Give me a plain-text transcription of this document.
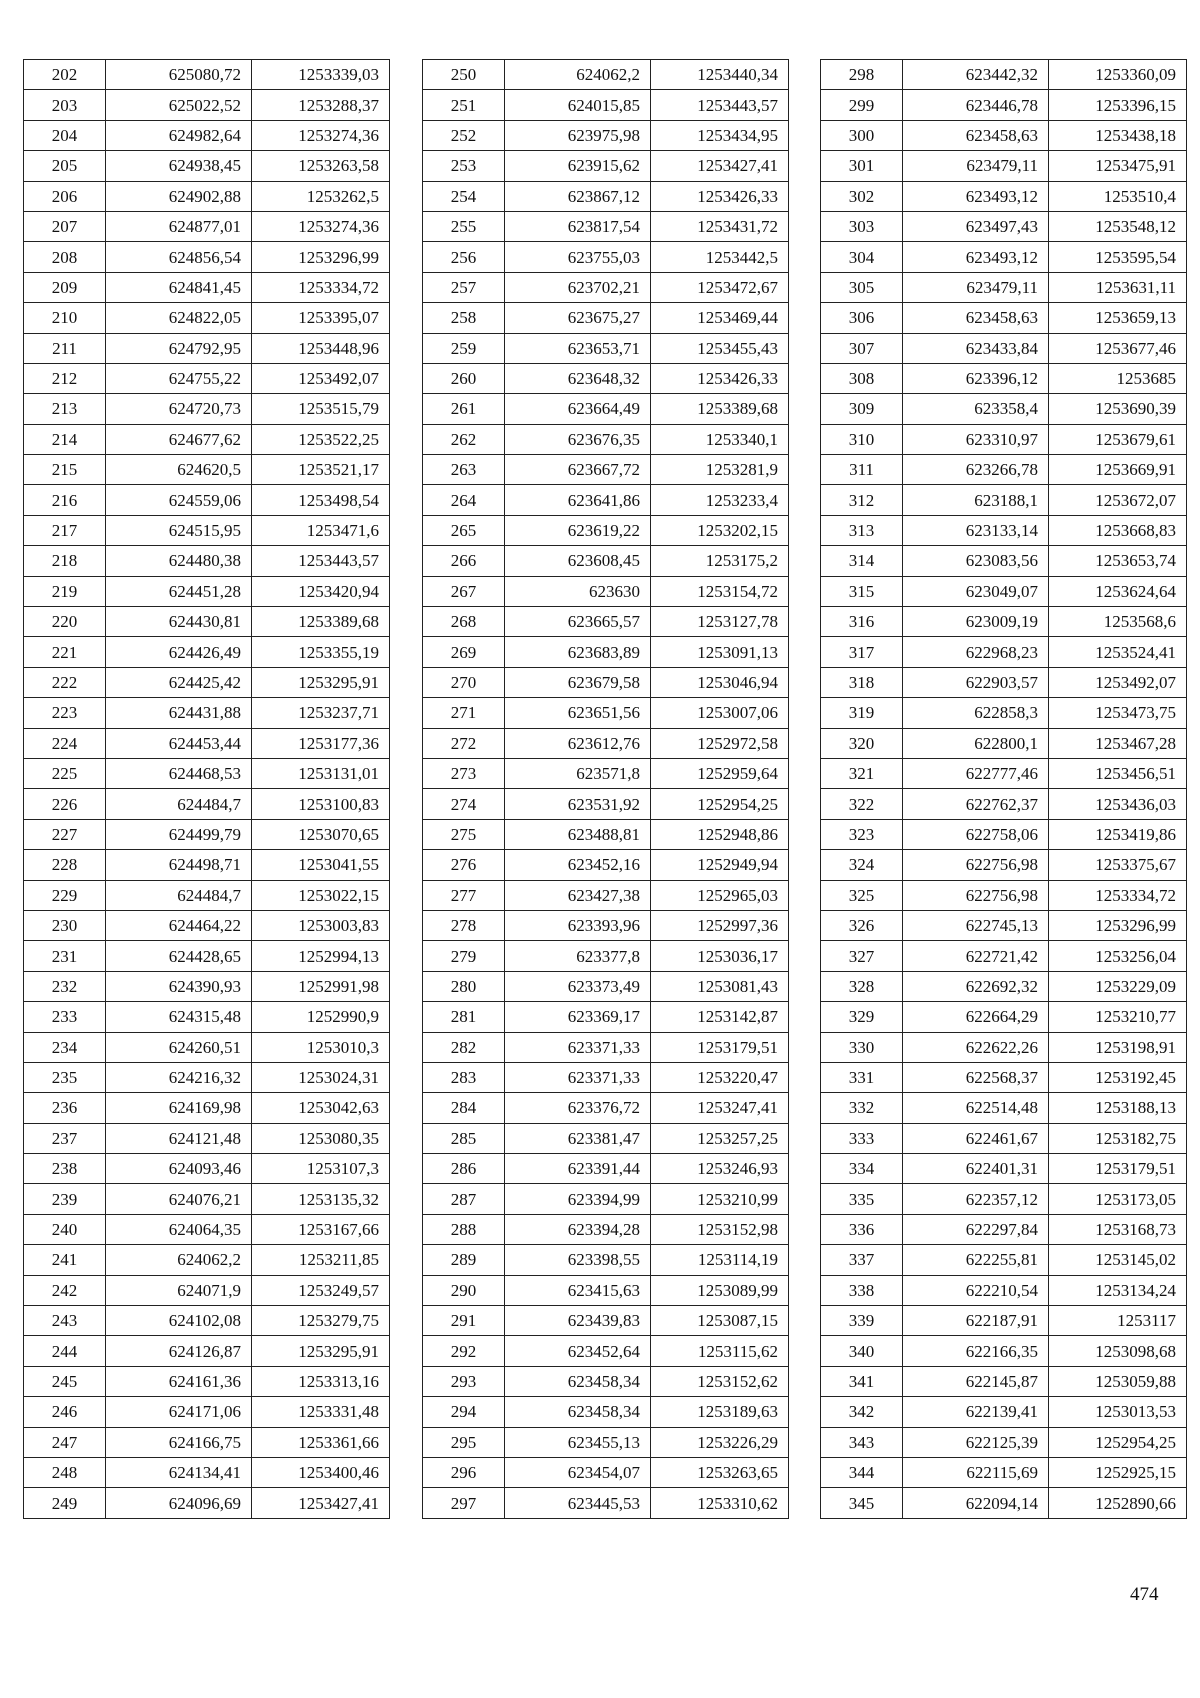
202	625080,72	1253339,03
203	625022,52	1253288,37
204	624982,64	1253274,36
205	624938,45	1253263,58
206	624902,88	1253262,5
207	624877,01	1253274,36
208	624856,54	1253296,99
209	624841,45	1253334,72
210	624822,05	1253395,07
211	624792,95	1253448,96
212	624755,22	1253492,07
213	624720,73	1253515,79
214	624677,62	1253522,25
215	624620,5	1253521,17
216	624559,06	1253498,54
217	624515,95	1253471,6
218	624480,38	1253443,57
219	624451,28	1253420,94
220	624430,81	1253389,68
221	624426,49	1253355,19
222	624425,42	1253295,91
223	624431,88	1253237,71
224	624453,44	1253177,36
225	624468,53	1253131,01
226	624484,7	1253100,83
227	624499,79	1253070,65
228	624498,71	1253041,55
229	624484,7	1253022,15
230	624464,22	1253003,83
231	624428,65	1252994,13
232	624390,93	1252991,98
233	624315,48	1252990,9
234	624260,51	1253010,3
235	624216,32	1253024,31
236	624169,98	1253042,63
237	624121,48	1253080,35
238	624093,46	1253107,3
239	624076,21	1253135,32
240	624064,35	1253167,66
241	624062,2	1253211,85
242	624071,9	1253249,57
243	624102,08	1253279,75
244	624126,87	1253295,91
245	624161,36	1253313,16
246	624171,06	1253331,48
247	624166,75	1253361,66
248	624134,41	1253400,46
249	624096,69	1253427,41
250	624062,2	1253440,34
251	624015,85	1253443,57
252	623975,98	1253434,95
253	623915,62	1253427,41
254	623867,12	1253426,33
255	623817,54	1253431,72
256	623755,03	1253442,5
257	623702,21	1253472,67
258	623675,27	1253469,44
259	623653,71	1253455,43
260	623648,32	1253426,33
261	623664,49	1253389,68
262	623676,35	1253340,1
263	623667,72	1253281,9
264	623641,86	1253233,4
265	623619,22	1253202,15
266	623608,45	1253175,2
267	623630	1253154,72
268	623665,57	1253127,78
269	623683,89	1253091,13
270	623679,58	1253046,94
271	623651,56	1253007,06
272	623612,76	1252972,58
273	623571,8	1252959,64
274	623531,92	1252954,25
275	623488,81	1252948,86
276	623452,16	1252949,94
277	623427,38	1252965,03
278	623393,96	1252997,36
279	623377,8	1253036,17
280	623373,49	1253081,43
281	623369,17	1253142,87
282	623371,33	1253179,51
283	623371,33	1253220,47
284	623376,72	1253247,41
285	623381,47	1253257,25
286	623391,44	1253246,93
287	623394,99	1253210,99
288	623394,28	1253152,98
289	623398,55	1253114,19
290	623415,63	1253089,99
291	623439,83	1253087,15
292	623452,64	1253115,62
293	623458,34	1253152,62
294	623458,34	1253189,63
295	623455,13	1253226,29
296	623454,07	1253263,65
297	623445,53	1253310,62
298	623442,32	1253360,09
299	623446,78	1253396,15
300	623458,63	1253438,18
301	623479,11	1253475,91
302	623493,12	1253510,4
303	623497,43	1253548,12
304	623493,12	1253595,54
305	623479,11	1253631,11
306	623458,63	1253659,13
307	623433,84	1253677,46
308	623396,12	1253685
309	623358,4	1253690,39
310	623310,97	1253679,61
311	623266,78	1253669,91
312	623188,1	1253672,07
313	623133,14	1253668,83
314	623083,56	1253653,74
315	623049,07	1253624,64
316	623009,19	1253568,6
317	622968,23	1253524,41
318	622903,57	1253492,07
319	622858,3	1253473,75
320	622800,1	1253467,28
321	622777,46	1253456,51
322	622762,37	1253436,03
323	622758,06	1253419,86
324	622756,98	1253375,67
325	622756,98	1253334,72
326	622745,13	1253296,99
327	622721,42	1253256,04
328	622692,32	1253229,09
329	622664,29	1253210,77
330	622622,26	1253198,91
331	622568,37	1253192,45
332	622514,48	1253188,13
333	622461,67	1253182,75
334	622401,31	1253179,51
335	622357,12	1253173,05
336	622297,84	1253168,73
337	622255,81	1253145,02
338	622210,54	1253134,24
339	622187,91	1253117
340	622166,35	1253098,68
341	622145,87	1253059,88
342	622139,41	1253013,53
343	622125,39	1252954,25
344	622115,69	1252925,15
345	622094,14	1252890,66
474
